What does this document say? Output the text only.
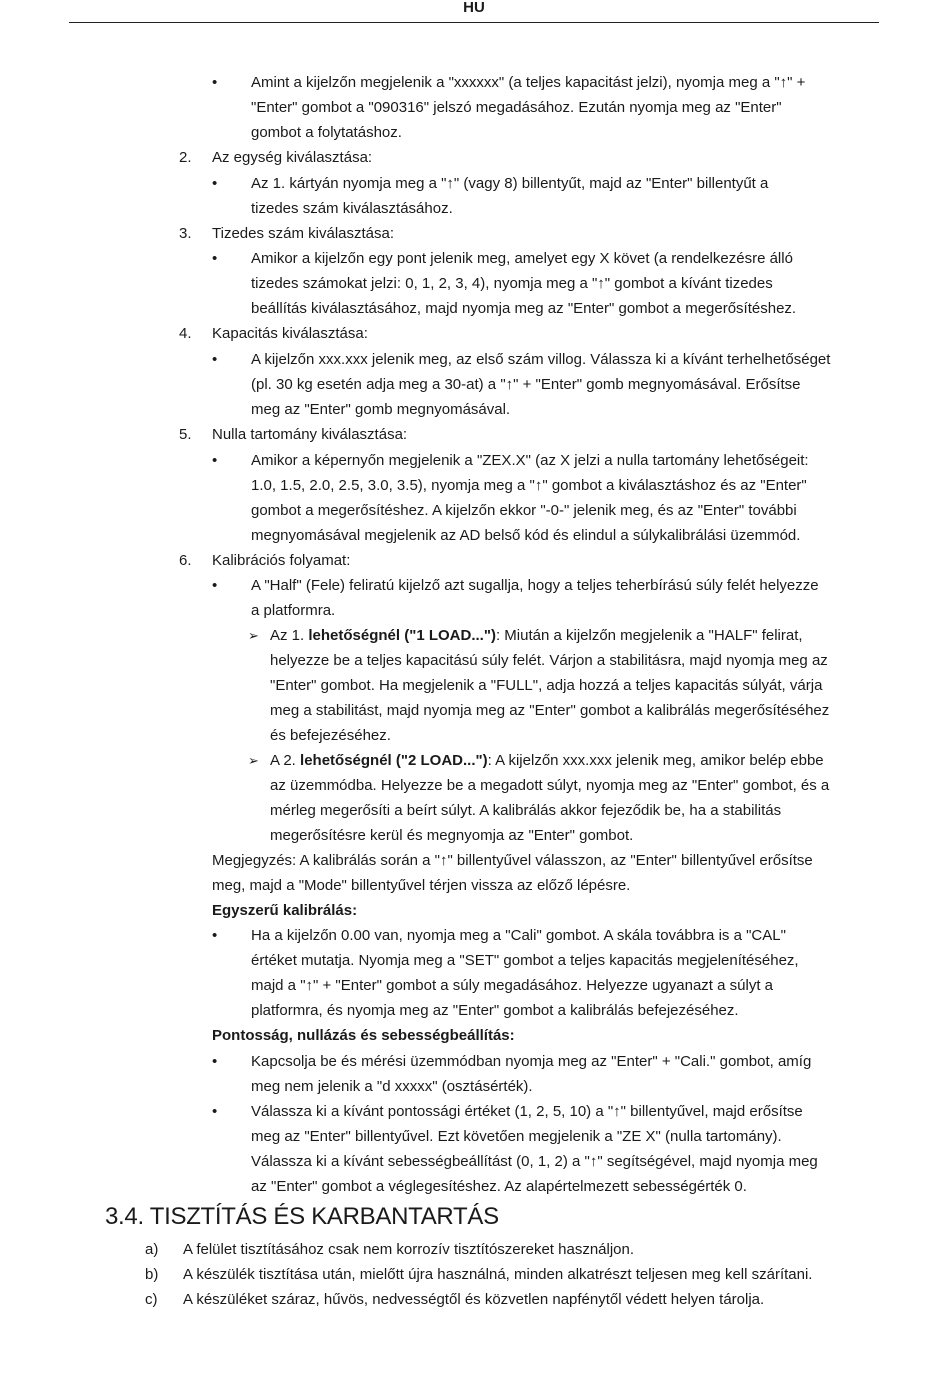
HU
• Amint a kijelzőn megjelenik a "xxxxxx" (a teljes kapacitást jelzi), nyomja meg a "↑" +
"Enter" gombot a "090316" jelszó megadásához. Ezután nyomja meg az "Enter"
gombot a folytatáshoz.
2. Az egység kiválasztása:
• Az 1. kártyán nyomja meg a "↑" (vagy 8) billentyűt, majd az "Enter" billentyűt a
tizedes szám kiválasztásához.
3. Tizedes szám kiválasztása:
• Amikor a kijelzőn egy pont jelenik meg, amelyet egy X követ (a rendelkezésre álló
tizedes számokat jelzi: 0, 1, 2, 3, 4), nyomja meg a "↑" gombot a kívánt tizedes
beállítás kiválasztásához, majd nyomja meg az "Enter" gombot a megerősítéshez.
4. Kapacitás kiválasztása:
• A kijelzőn xxx.xxx jelenik meg, az első szám villog. Válassza ki a kívánt terhelhetőséget
(pl. 30 kg esetén adja meg a 30-at) a "↑" + "Enter" gomb megnyomásával. Erősítse
meg az "Enter" gomb megnyomásával.
5. Nulla tartomány kiválasztása:
• Amikor a képernyőn megjelenik a "ZEX.X" (az X jelzi a nulla tartomány lehetőségeit:
1.0, 1.5, 2.0, 2.5, 3.0, 3.5), nyomja meg a "↑" gombot a kiválasztáshoz és az "Enter"
gombot a megerősítéshez. A kijelzőn ekkor "-0-" jelenik meg, és az "Enter" további
megnyomásával megjelenik az AD belső kód és elindul a súlykalibrálási üzemmód.
6. Kalibrációs folyamat:
• A "Half" (Fele) feliratú kijelző azt sugallja, hogy a teljes teherbírású súly felét helyezze
a platformra.
➢ Az 1. lehetőségnél ("1 LOAD..."): Miután a kijelzőn megjelenik a "HALF" felirat,
helyezze be a teljes kapacitású súly felét. Várjon a stabilitásra, majd nyomja meg az
"Enter" gombot. Ha megjelenik a "FULL", adja hozzá a teljes kapacitás súlyát, várja
meg a stabilitást, majd nyomja meg az "Enter" gombot a kalibrálás megerősítéséhez
és befejezéséhez.
➢ A 2. lehetőségnél ("2 LOAD..."): A kijelzőn xxx.xxx jelenik meg, amikor belép ebbe
az üzemmódba. Helyezze be a megadott súlyt, nyomja meg az "Enter" gombot, és a
mérleg megerősíti a beírt súlyt. A kalibrálás akkor fejeződik be, ha a stabilitás
megerősítésre kerül és megnyomja az "Enter" gombot.
Megjegyzés: A kalibrálás során a "↑" billentyűvel válasszon, az "Enter" billentyűvel erősítse
meg, majd a "Mode" billentyűvel térjen vissza az előző lépésre.
Egyszerű kalibrálás:
• Ha a kijelzőn 0.00 van, nyomja meg a "Cali" gombot. A skála továbbra is a "CAL"
értéket mutatja. Nyomja meg a "SET" gombot a teljes kapacitás megjelenítéséhez,
majd a "↑" + "Enter" gombot a súly megadásához. Helyezze ugyanazt a súlyt a
platformra, és nyomja meg az "Enter" gombot a kalibrálás befejezéséhez.
Pontosság, nullázás és sebességbeállítás:
• Kapcsolja be és mérési üzemmódban nyomja meg az "Enter" + "Cali." gombot, amíg
meg nem jelenik a "d xxxxx" (osztásérték).
• Válassza ki a kívánt pontossági értéket (1, 2, 5, 10) a "↑" billentyűvel, majd erősítse
meg az "Enter" billentyűvel. Ezt követően megjelenik a "ZE X" (nulla tartomány).
Válassza ki a kívánt sebességbeállítást (0, 1, 2) a "↑" segítségével, majd nyomja meg
az "Enter" gombot a véglegesítéshez. Az alapértelmezett sebességérték 0.
3.4. TISZTÍTÁS ÉS KARBANTARTÁS
a) A felület tisztításához csak nem korrozív tisztítószereket használjon.
b) A készülék tisztítása után, mielőtt újra használná, minden alkatrészt teljesen meg kell szárítani.
c) A készüléket száraz, hűvös, nedvességtől és közvetlen napfénytől védett helyen tárolja.
